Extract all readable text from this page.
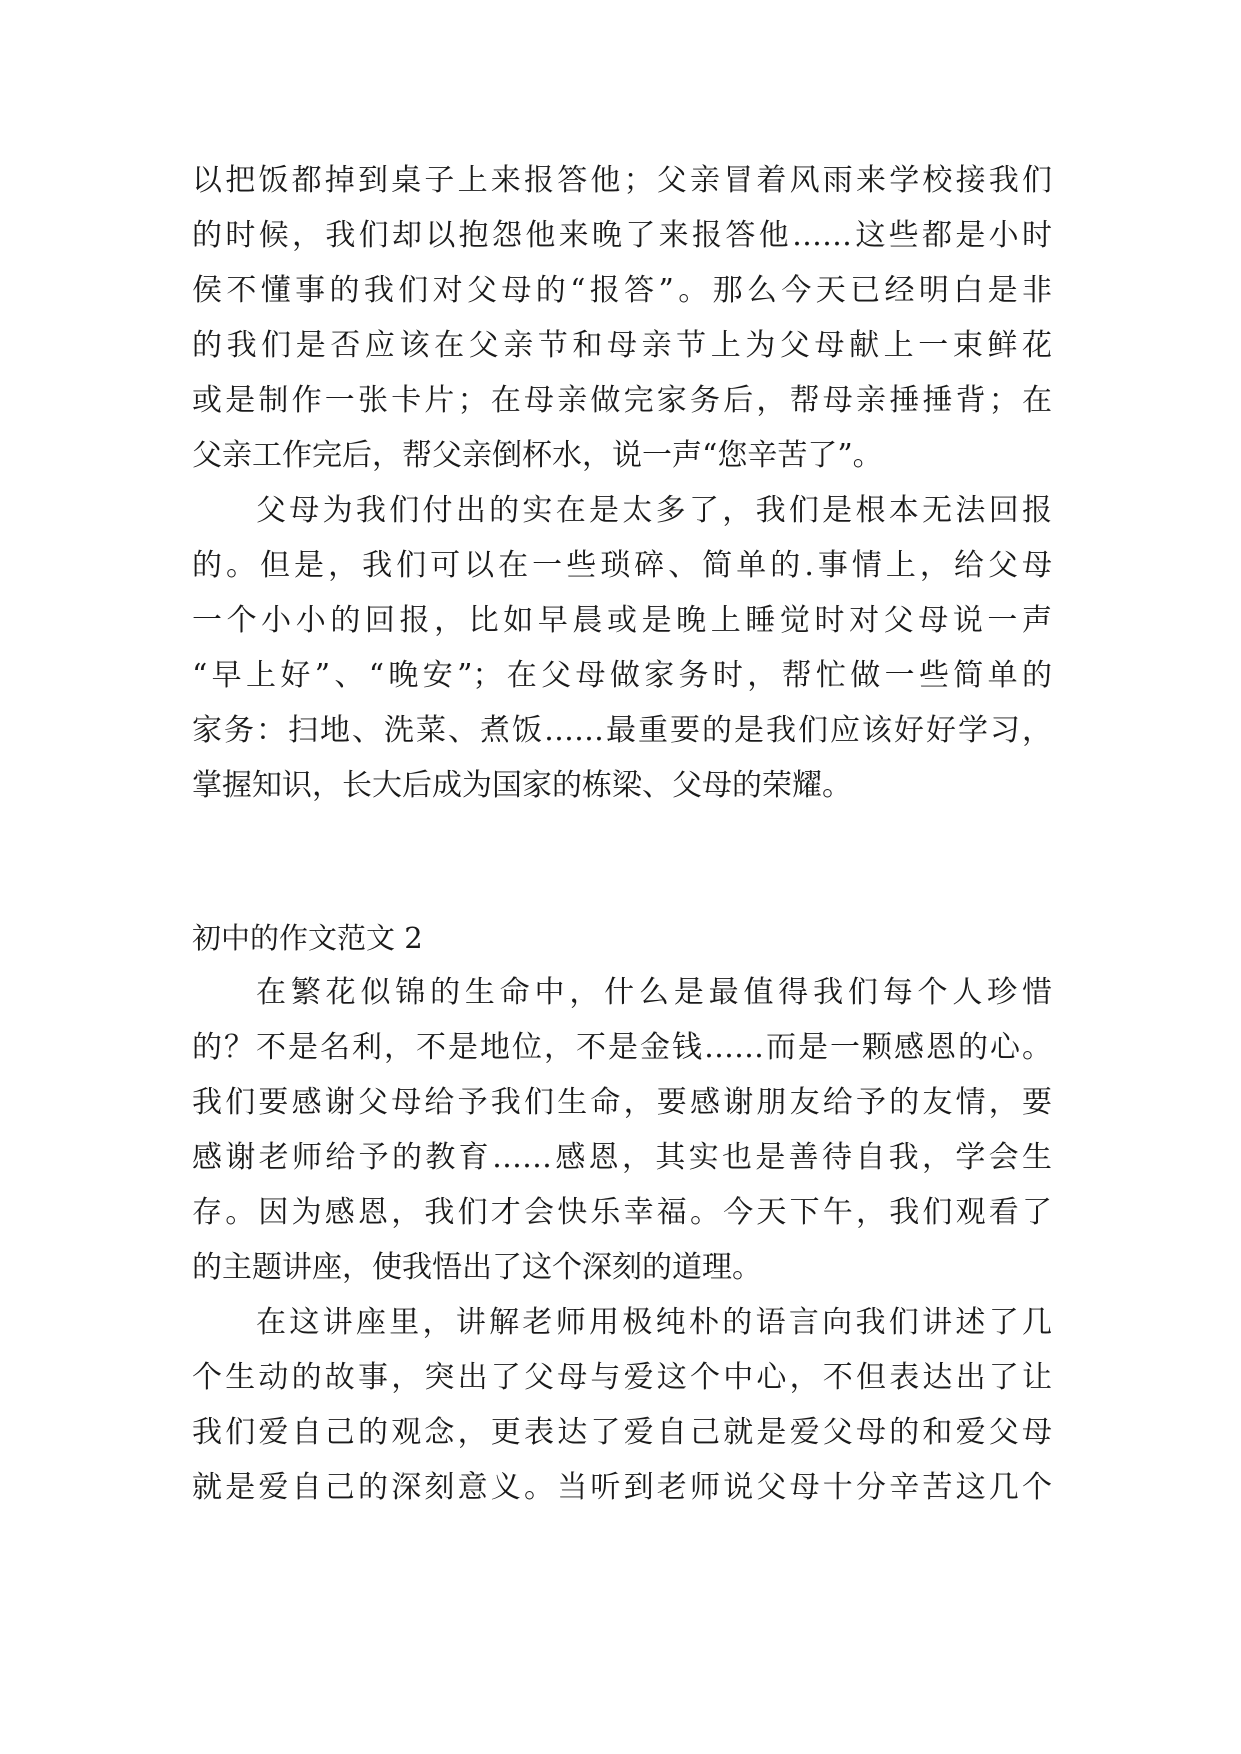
以把饭都掉到桌子上来报答他；父亲冒着风雨来学校接我们
的时候，我们却以抱怨他来晚了来报答他……这些都是小时
侯不懂事的我们对父母的“报答”。那么今天已经明白是非
的我们是否应该在父亲节和母亲节上为父母献上一束鲜花
或是制作一张卡片；在母亲做完家务后，帮母亲捶捶背；在
父亲工作完后，帮父亲倒杯水，说一声“您辛苦了”。
父母为我们付出的实在是太多了，我们是根本无法回报
的。但是，我们可以在一些琐碎、简单的.事情上，给父母
一个小小的回报，比如早晨或是晚上睡觉时对父母说一声
“早上好”、“晚安”；在父母做家务时，帮忙做一些简单的
家务：扫地、洗菜、煮饭……最重要的是我们应该好好学习，
掌握知识，长大后成为国家的栋梁、父母的荣耀。
初中的作文范文 2
在繁花似锦的生命中，什么是最值得我们每个人珍惜
的？不是名利，不是地位，不是金钱……而是一颗感恩的心。
我们要感谢父母给予我们生命，要感谢朋友给予的友情，要
感谢老师给予的教育……感恩，其实也是善待自我，学会生
存。因为感恩，我们才会快乐幸福。今天下午，我们观看了
的主题讲座，使我悟出了这个深刻的道理。
在这讲座里，讲解老师用极纯朴的语言向我们讲述了几
个生动的故事，突出了父母与爱这个中心，不但表达出了让
我们爱自己的观念，更表达了爱自己就是爱父母的和爱父母
就是爱自己的深刻意义。当听到老师说父母十分辛苦这几个
